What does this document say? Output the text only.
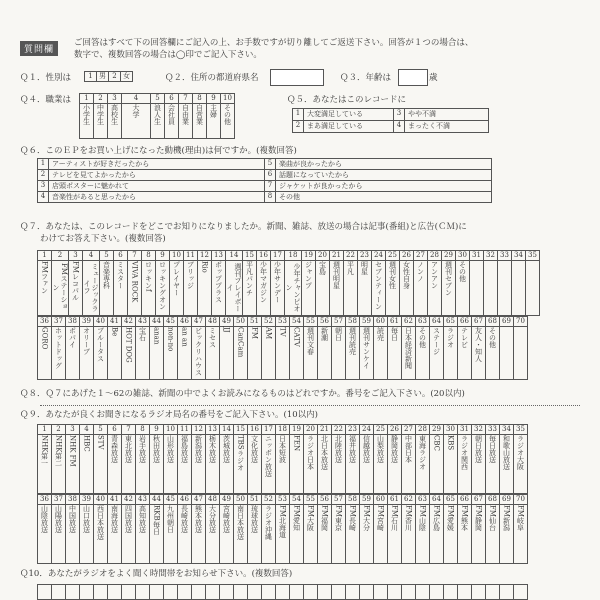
質問欄
ご回答はすべて下の回答欄にご記入の上、お手数ですが切り離してご返送下さい。回答が１つの場合は、
数字で、複数回答の場合は◯印でご記入下さい。
Ｑ１．性別は 1	男	2	女	Ｑ２．住所の都道府県名	Ｑ３．年齢は	歳
Ｑ４．職業は 1	2	3	4	5	6	7	8	9	10
小学生	中学生	高校生	大学	浪人生	会社員	自由業	自営業	主婦	その他
Ｑ５．あなたはこのレコードに
1	大変満足している	3	やや不満
2	まあ満足している	4	まったく不満
Ｑ６．このＥＰをお買い上げになった動機(理由)は何ですか。(複数回答)
1	アーティストが好きだったから	5	楽曲が良かったから
2	テレビを見てよかったから	6	話題になっていたから
3	店頭ポスターに魅かれて	7	ジャケットが良かったから
4	音楽性があると思ったから	8	その他
Ｑ７．あなたは、このレコードをどこでお知りになりましたか。新聞、雑誌、放送の場合は記事(番組)と広告(ＣＭ)に
わけてお答え下さい。(複数回答)
1	2	3	4	5	6	7	8	9	10	11	12	13	14	15	16	17	18	19	20	21	22	23	24	25	26	27	28	29	30	31	32	33	34	35
FMファン	FMステーション	FMレコパル	ミュージックライフ	音楽専科	ミスター	VIVA ROCK	ロッキンf	ロッキングオン	プレイヤー	ブリッジ	Rio	ポッププラス	週刊プレイボーイ	平凡パンチ	少年マガジン	少年サンデー	少年チャンピオン	ジャンプ	宝島	週刊明星	平凡	明星	セブンティーン	週刊女性	女性自身	ノンノ	アンアン	週刊セブン	その他					
36	37	38	39	40	41	42	43	44	45	46	47	48	49	50	51	52	53	54	55	56	57	58	59	60	61	62	63	64	65	66	67	68	69	70
GORO	ホットドッグ	ポパイ	オリーブ	ブルータス	Be	HOT DOG	宝石	anan	non-no	an an	ビックリハウス	ミセス	JJ	CanCam	FM	AM	TV	CATV	週刊文春	新潮	朝日	週刊読売	週刊サンケイ	読売	毎日	日本経済新聞	その他	ステージ	ラジオ	テレビ	友人・知人	その他		
Ｑ８．Ｑ７にあげた１～62の雑誌、新聞の中でよくお読みになるものはどれですか。番号をご記入下さい。(20以内)
Ｑ９．あなたが良くお聞きになるラジオ局名の番号をご記入下さい。(10以内)
1	2	3	4	5	6	7	8	9	10	11	12	13	14	15	16	17	18	19	20	21	22	23	24	25	26	27	28	29	30	31	32	33	34	35
NHK第一	NHK第二	NHK FM	HBC	STV	青森放送	東北放送	岩手放送	秋田放送	山形放送	福島放送	新潟放送	栃木放送	茨城放送	TBSラジオ	文化放送	ニッポン放送	日本短波	FEN	ラジオ日本	北日本放送	北陸放送	福井放送	信越放送	山梨放送	静岡放送	中部日本	東海ラジオ	CBC	KBS	ラジオ関西	朝日放送	毎日放送	和歌山放送	ラジオ大阪
36	37	38	39	40	41	42	43	44	45	46	47	48	49	50	51	52	53	54	55	56	57	58	59	60	61	62	63	64	65	66	67	68	69	70
山陰放送	山陽放送	中国放送	山口放送	西日本放送	南海放送	四国放送	高知放送	RKB毎日	九州朝日	長崎放送	熊本放送	大分放送	宮崎放送	南日本放送	琉球放送	ラジオ沖縄	FM北海道	FM愛知	FM大阪	FM福岡	FM東京	FM長崎	FM大分	FM宮崎	FM石川	FM香川	FM山陰	FM広島	FM愛媛	FM熊本	FM静岡	FM仙台	FM新潟	FM岐阜
Ｑ10．あなたがラジオをよく聞く時間帯をお知らせ下さい。(複数回答)
